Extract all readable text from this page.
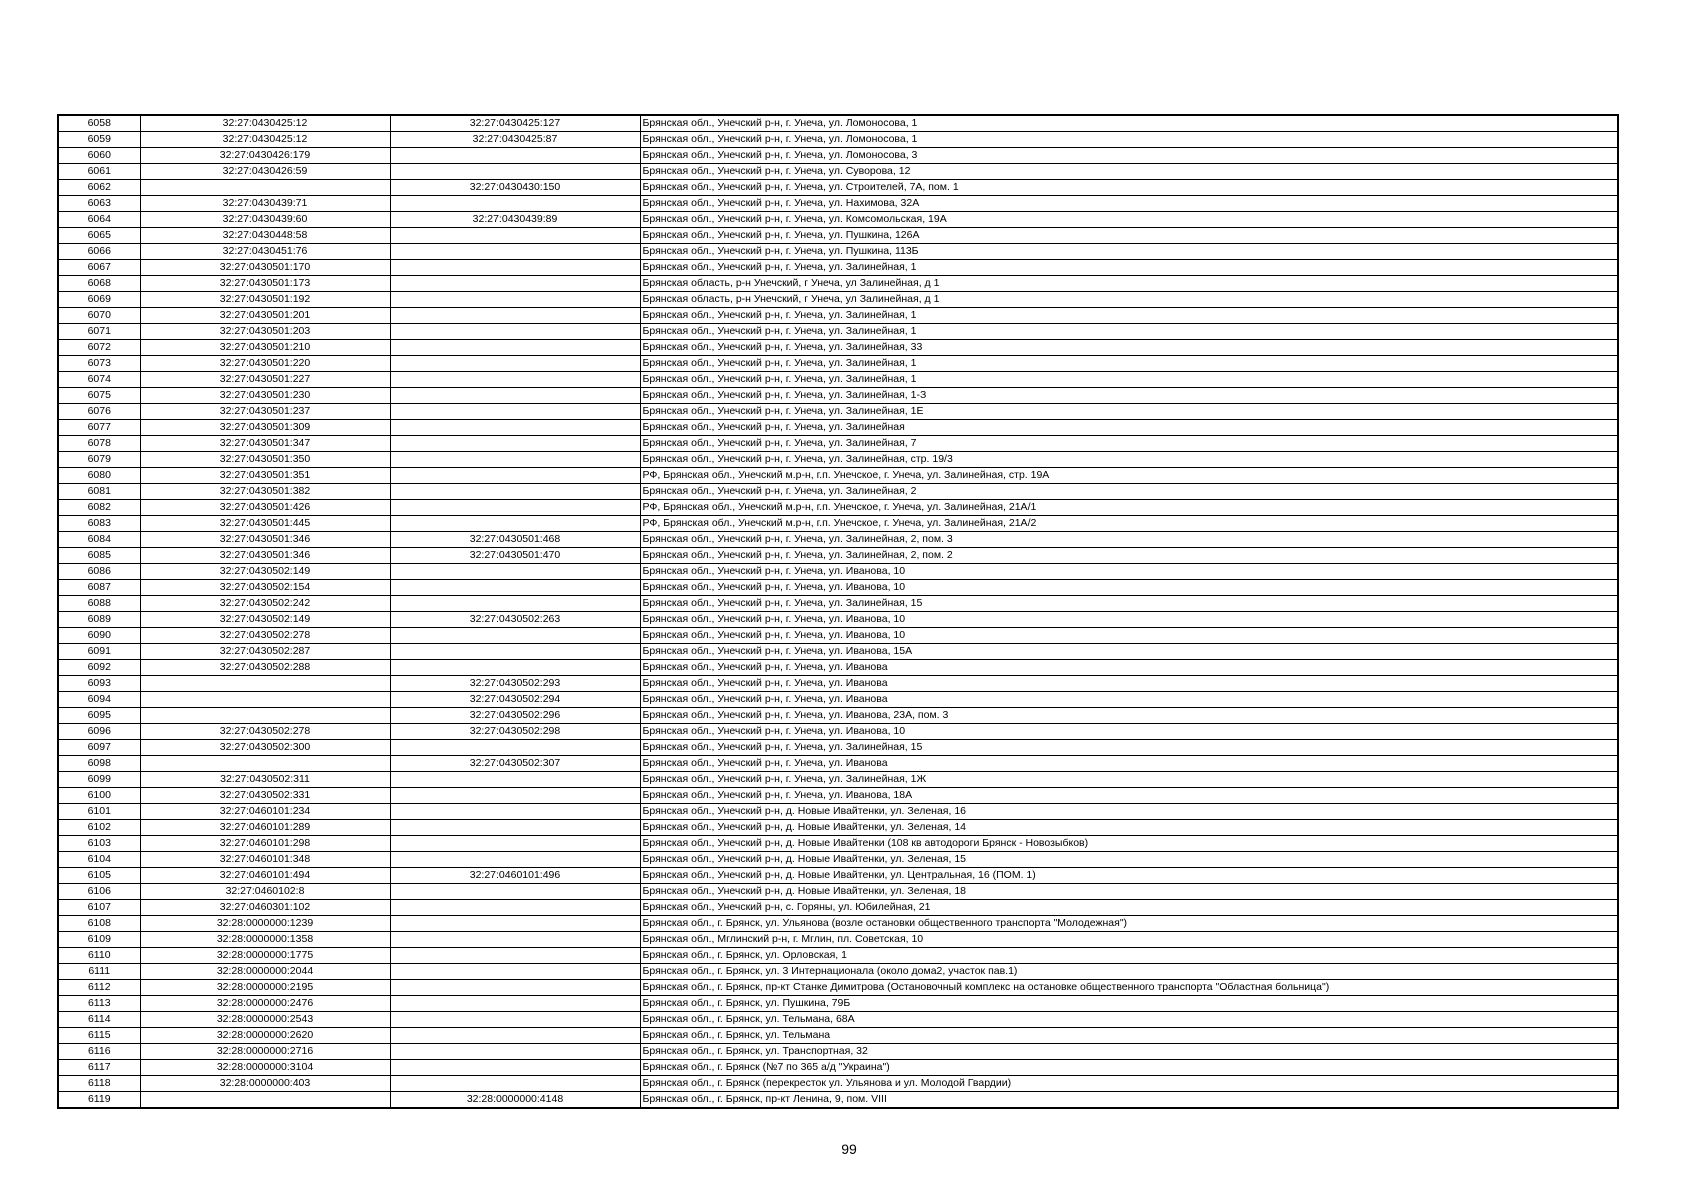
6058	32:27:0430425:12	32:27:0430425:127	Брянская обл., Унечский р-н, г. Унеча, ул. Ломоносова, 1
6059	32:27:0430425:12	32:27:0430425:87	Брянская обл., Унечский р-н, г. Унеча, ул. Ломоносова, 1
6060	32:27:0430426:179		Брянская обл., Унечский р-н, г. Унеча, ул. Ломоносова, 3
6061	32:27:0430426:59		Брянская обл., Унечский р-н, г. Унеча, ул. Суворова, 12
6062		32:27:0430430:150	Брянская обл., Унечский р-н, г. Унеча, ул. Строителей, 7А, пом. 1
6063	32:27:0430439:71		Брянская обл., Унечский р-н, г. Унеча, ул. Нахимова, 32А
6064	32:27:0430439:60	32:27:0430439:89	Брянская обл., Унечский р-н, г. Унеча, ул. Комсомольская, 19А
6065	32:27:0430448:58		Брянская обл., Унечский р-н, г. Унеча, ул. Пушкина, 126А
6066	32:27:0430451:76		Брянская обл., Унечский р-н, г. Унеча, ул. Пушкина, 113Б
6067	32:27:0430501:170		Брянская обл., Унечский р-н, г. Унеча, ул. Залинейная, 1
6068	32:27:0430501:173		Брянская область, р-н Унечский, г Унеча, ул Залинейная, д 1
6069	32:27:0430501:192		Брянская область, р-н Унечский, г Унеча, ул Залинейная, д 1
6070	32:27:0430501:201		Брянская обл., Унечский р-н, г. Унеча, ул. Залинейная, 1
6071	32:27:0430501:203		Брянская обл., Унечский р-н, г. Унеча, ул. Залинейная, 1
6072	32:27:0430501:210		Брянская обл., Унечский р-н, г. Унеча, ул. Залинейная, 33
6073	32:27:0430501:220		Брянская обл., Унечский р-н, г. Унеча, ул. Залинейная, 1
6074	32:27:0430501:227		Брянская обл., Унечский р-н, г. Унеча, ул. Залинейная, 1
6075	32:27:0430501:230		Брянская обл., Унечский р-н, г. Унеча, ул. Залинейная, 1-З
6076	32:27:0430501:237		Брянская обл., Унечский р-н, г. Унеча, ул. Залинейная, 1Е
6077	32:27:0430501:309		Брянская обл., Унечский р-н, г. Унеча, ул. Залинейная
6078	32:27:0430501:347		Брянская обл., Унечский р-н, г. Унеча, ул. Залинейная, 7
6079	32:27:0430501:350		Брянская обл., Унечский р-н, г. Унеча, ул. Залинейная, стр. 19/3
6080	32:27:0430501:351		РФ, Брянская обл., Унечский м.р-н, г.п. Унечское, г. Унеча, ул. Залинейная, стр. 19А
6081	32:27:0430501:382		Брянская обл., Унечский р-н, г. Унеча, ул. Залинейная, 2
6082	32:27:0430501:426		РФ, Брянская обл., Унечский м.р-н, г.п. Унечское, г. Унеча, ул. Залинейная, 21А/1
6083	32:27:0430501:445		РФ, Брянская обл., Унечский м.р-н, г.п. Унечское, г. Унеча, ул. Залинейная, 21А/2
6084	32:27:0430501:346	32:27:0430501:468	Брянская обл., Унечский р-н, г. Унеча, ул. Залинейная, 2, пом. 3
6085	32:27:0430501:346	32:27:0430501:470	Брянская обл., Унечский р-н, г. Унеча, ул. Залинейная, 2, пом. 2
6086	32:27:0430502:149		Брянская обл., Унечский р-н, г. Унеча, ул. Иванова, 10
6087	32:27:0430502:154		Брянская обл., Унечский р-н, г. Унеча, ул. Иванова, 10
6088	32:27:0430502:242		Брянская обл., Унечский р-н, г. Унеча, ул. Залинейная, 15
6089	32:27:0430502:149	32:27:0430502:263	Брянская обл., Унечский р-н, г. Унеча, ул. Иванова, 10
6090	32:27:0430502:278		Брянская обл., Унечский р-н, г. Унеча, ул. Иванова, 10
6091	32:27:0430502:287		Брянская обл., Унечский р-н, г. Унеча, ул. Иванова, 15А
6092	32:27:0430502:288		Брянская обл., Унечский р-н, г. Унеча, ул. Иванова
6093		32:27:0430502:293	Брянская обл., Унечский р-н, г. Унеча, ул. Иванова
6094		32:27:0430502:294	Брянская обл., Унечский р-н, г. Унеча, ул. Иванова
6095		32:27:0430502:296	Брянская обл., Унечский р-н, г. Унеча, ул. Иванова, 23А, пом. 3
6096	32:27:0430502:278	32:27:0430502:298	Брянская обл., Унечский р-н, г. Унеча, ул. Иванова, 10
6097	32:27:0430502:300		Брянская обл., Унечский р-н, г. Унеча, ул. Залинейная, 15
6098		32:27:0430502:307	Брянская обл., Унечский р-н, г. Унеча, ул. Иванова
6099	32:27:0430502:311		Брянская обл., Унечский р-н, г. Унеча, ул. Залинейная, 1Ж
6100	32:27:0430502:331		Брянская обл., Унечский р-н, г. Унеча, ул. Иванова, 18А
6101	32:27:0460101:234		Брянская обл., Унечский р-н, д. Новые Ивайтенки, ул. Зеленая, 16
6102	32:27:0460101:289		Брянская обл., Унечский р-н, д. Новые Ивайтенки, ул. Зеленая, 14
6103	32:27:0460101:298		Брянская обл., Унечский р-н, д. Новые Ивайтенки (108 кв автодороги Брянск - Новозыбков)
6104	32:27:0460101:348		Брянская обл., Унечский р-н, д. Новые Ивайтенки, ул. Зеленая, 15
6105	32:27:0460101:494	32:27:0460101:496	Брянская обл., Унечский р-н, д. Новые Ивайтенки, ул. Центральная, 16 (ПОМ. 1)
6106	32:27:0460102:8		Брянская обл., Унечский р-н, д. Новые Ивайтенки, ул. Зеленая, 18
6107	32:27:0460301:102		Брянская обл., Унечский р-н, с. Горяны, ул. Юбилейная, 21
6108	32:28:0000000:1239		Брянская обл., г. Брянск, ул. Ульянова (возле остановки общественного транспорта "Молодежная")
6109	32:28:0000000:1358		Брянская обл., Мглинский р-н, г. Мглин, пл. Советская, 10
6110	32:28:0000000:1775		Брянская обл., г. Брянск, ул. Орловская, 1
6111	32:28:0000000:2044		Брянская обл., г. Брянск, ул. 3 Интернационала (около дома2, участок пав.1)
6112	32:28:0000000:2195		Брянская обл., г. Брянск, пр-кт Станке Димитрова (Остановочный комплекс на остановке общественного транспорта "Областная больница")
6113	32:28:0000000:2476		Брянская обл., г. Брянск, ул. Пушкина, 79Б
6114	32:28:0000000:2543		Брянская обл., г. Брянск, ул. Тельмана, 68А
6115	32:28:0000000:2620		Брянская обл., г. Брянск, ул. Тельмана
6116	32:28:0000000:2716		Брянская обл., г. Брянск, ул. Транспортная, 32
6117	32:28:0000000:3104		Брянская обл., г. Брянск (№7 по 365 а/д "Украина")
6118	32:28:0000000:403		Брянская обл., г. Брянск (перекресток ул. Ульянова и ул. Молодой Гвардии)
6119		32:28:0000000:4148	Брянская обл., г. Брянск, пр-кт Ленина, 9, пом. VIII
99
